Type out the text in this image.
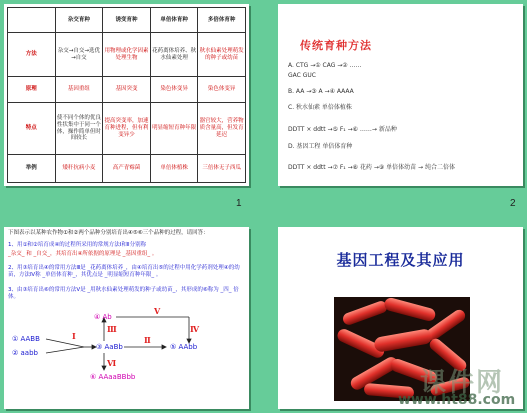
	杂交育种	诱变育种	单倍体育种	多倍体育种
方法	杂交→自交→选优→自交	用物理或化学因素处理生物	花药离体培养、秋水仙素处理	秋水仙素处理萌发的种子或幼苗
原理	基因重组	基因突变	染色体变异	染色体变异
特点	使不同个体的优良性状集中于同一个体，操作简单但时间较长	提高突变率，加速育种进程，但有利变异少	明显缩短育种年限	器官较大，营养物质含量高，但发育延迟
举例	矮秆抗病小麦	高产青霉菌	单倍体植株	三倍体无子西瓜
1
传统育种方法
A. CTG →① CAG →② ……
GAC GUC
B. AA →③ A →④ AAAA
C. 秋水仙素 单倍体植株
DDTT × ddtt →⑤ F₁ →⑥ ……→ 新品种
D. 基因工程 单倍体育种
DDTT × ddtt →⑦ F₁ →⑧ 花药 →⑨ 单倍体幼苗 → 纯合二倍体
2
下图表示以某种农作物①和②两个品种分别培育出④⑤⑥三个品种的过程，请回答：
1、用①和②培育成④的过程所采用的常规方法Ⅰ和Ⅱ分别称
_杂交_ 和 _自交_，其培育出④所依据的原理是 _基因重组_ 。
2、用③培育出④的常用方法Ⅲ是 _花药离体培养_，由④培育出⑤的过程中用化学药剂处理④的幼苗，方法Ⅳ称 _单倍体育种_，其优点是 _明显缩短育种年限_ 。
3、由③培育出⑥的常用方法Ⅴ是 _用秋水仙素处理萌发的种子或幼苗_，其形成的⑥称为 _四_ 倍体。
① AABB
② aabb
③ AaBb
④ Ab
⑤ AAbb
⑥ AAaaBBbb
Ⅰ	Ⅱ
Ⅲ	Ⅳ
Ⅴ
Ⅵ
基因工程及其应用
课件网
www.ht88.com
